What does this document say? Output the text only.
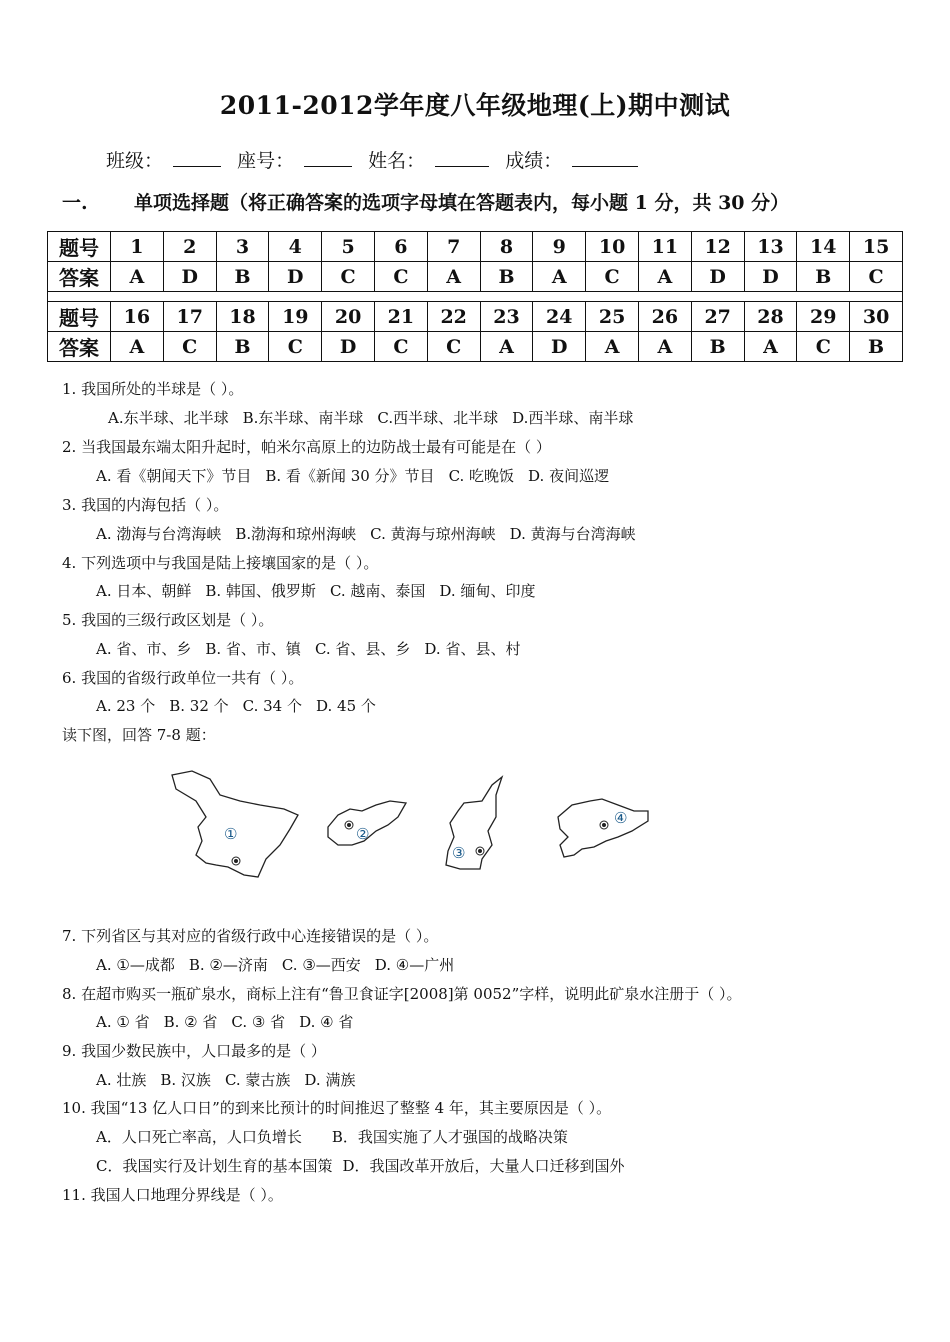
2011-2012学年度八年级地理(上)期中测试
班级：	座号：	姓名：	成绩：
一. 单项选择题（将正确答案的选项字母填在答题表内，每小题 1 分，共 30 分）
题号	1	2	3	4	5	6	7	8	9	10	11	12	13	14	15
答案	A	D	B	D	C	C	A	B	A	C	A	D	D	B	C

题号	16	17	18	19	20	21	22	23	24	25	26	27	28	29	30
答案	A	C	B	C	D	C	C	A	D	A	A	B	A	C	B
1. 我国所处的半球是（ ）。
A.东半球、北半球 B.东半球、南半球 C.西半球、北半球 D.西半球、南半球
2. 当我国最东端太阳升起时，帕米尔高原上的边防战士最有可能是在（ ）
A. 看《朝闻天下》节目 B. 看《新闻 30 分》节目 C. 吃晚饭 D. 夜间巡逻
3. 我国的内海包括（ ）。
A. 渤海与台湾海峡 B.渤海和琼州海峡 C. 黄海与琼州海峡 D. 黄海与台湾海峡
4. 下列选项中与我国是陆上接壤国家的是（ ）。
A. 日本、朝鲜 B. 韩国、俄罗斯 C. 越南、泰国 D. 缅甸、印度
5. 我国的三级行政区划是（ ）。
A. 省、市、乡 B. 省、市、镇 C. 省、县、乡 D. 省、县、村
6. 我国的省级行政单位一共有（ ）。
A. 23 个 B. 32 个 C. 34 个 D. 45 个
读下图，回答 7-8 题：
①	②
③
④
7. 下列省区与其对应的省级行政中心连接错误的是（ ）。
A. ①—成都 B. ②—济南 C. ③—西安 D. ④—广州
8. 在超市购买一瓶矿泉水，商标上注有“鲁卫食证字[2008]第 0052”字样，说明此矿泉水注册于（ ）。
A. ① 省 B. ② 省 C. ③ 省 D. ④ 省
9. 我国少数民族中，人口最多的是（ ）
A. 壮族 B. 汉族 C. 蒙古族 D. 满族
10. 我国“13 亿人口日”的到来比预计的时间推迟了整整 4 年，其主要原因是（ ）。
A．人口死亡率高，人口负增长 B．我国实施了人才强国的战略决策
C．我国实行及计划生育的基本国策 D．我国改革开放后，大量人口迁移到国外
11. 我国人口地理分界线是（ ）。
